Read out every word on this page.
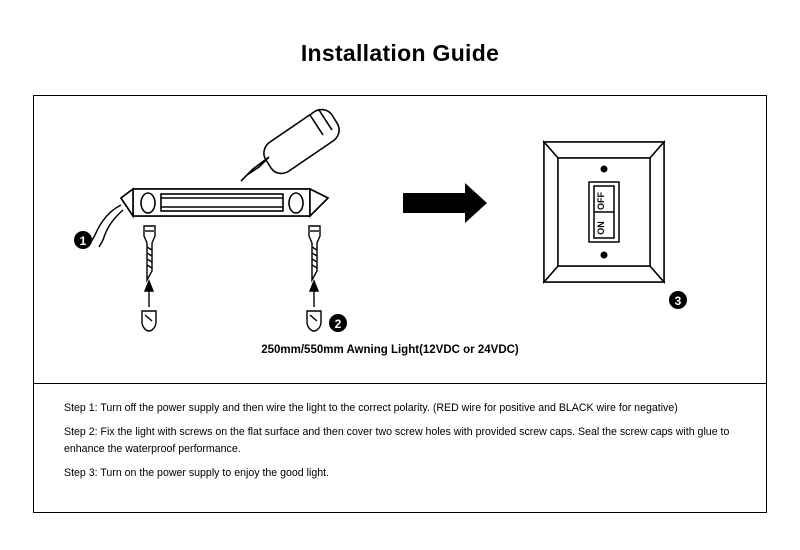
Installation Guide
1
2
OFF
ON
3
250mm/550mm Awning Light(12VDC or 24VDC)

Step 1: Turn off the power supply and then wire the light to the correct polarity. (RED wire for positive and BLACK wire for negative)

Step 2: Fix the light with screws on the flat surface and then cover two screw holes with provided screw caps. Seal the screw caps with glue to enhance the waterproof performance.

Step 3: Turn on the power supply to enjoy the good light.
